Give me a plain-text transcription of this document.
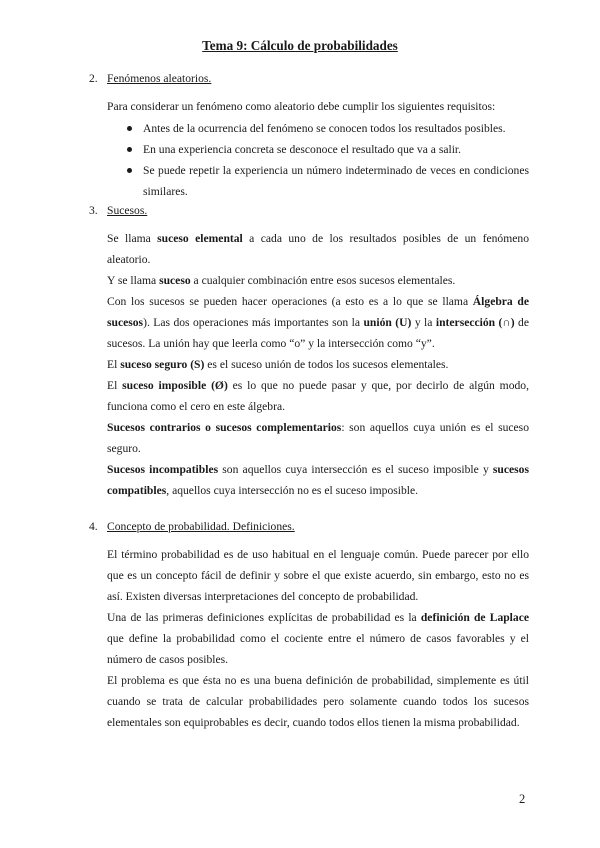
Tema 9: Cálculo de probabilidades
2. Fenómenos aleatorios.
Para considerar un fenómeno como aleatorio debe cumplir los siguientes requisitos:
Antes de la ocurrencia del fenómeno se conocen todos los resultados posibles.
En una experiencia concreta se desconoce el resultado que va a salir.
Se puede repetir la experiencia un número indeterminado de veces en condiciones similares.
3. Sucesos.
Se llama suceso elemental a cada uno de los resultados posibles de un fenómeno aleatorio.
Y se llama suceso a cualquier combinación entre esos sucesos elementales.
Con los sucesos se pueden hacer operaciones (a esto es a lo que se llama Álgebra de sucesos). Las dos operaciones más importantes son la unión (U) y la intersección (∩) de sucesos. La unión hay que leerla como “o” y la intersección como “y”.
El suceso seguro (S) es el suceso unión de todos los sucesos elementales.
El suceso imposible (Ø) es lo que no puede pasar y que, por decirlo de algún modo, funciona como el cero en este álgebra.
Sucesos contrarios o sucesos complementarios: son aquellos cuya unión es el suceso seguro.
Sucesos incompatibles son aquellos cuya intersección es el suceso imposible y sucesos compatibles, aquellos cuya intersección no es el suceso imposible.
4. Concepto de probabilidad. Definiciones.
El término probabilidad es de uso habitual en el lenguaje común. Puede parecer por ello que es un concepto fácil de definir y sobre el que existe acuerdo, sin embargo, esto no es así. Existen diversas interpretaciones del concepto de probabilidad.
Una de las primeras definiciones explícitas de probabilidad es la definición de Laplace que define la probabilidad como el cociente entre el número de casos favorables y el número de casos posibles.
El problema es que ésta no es una buena definición de probabilidad, simplemente es útil cuando se trata de calcular probabilidades pero solamente cuando todos los sucesos elementales son equiprobables es decir, cuando todos ellos tienen la misma probabilidad.
2
